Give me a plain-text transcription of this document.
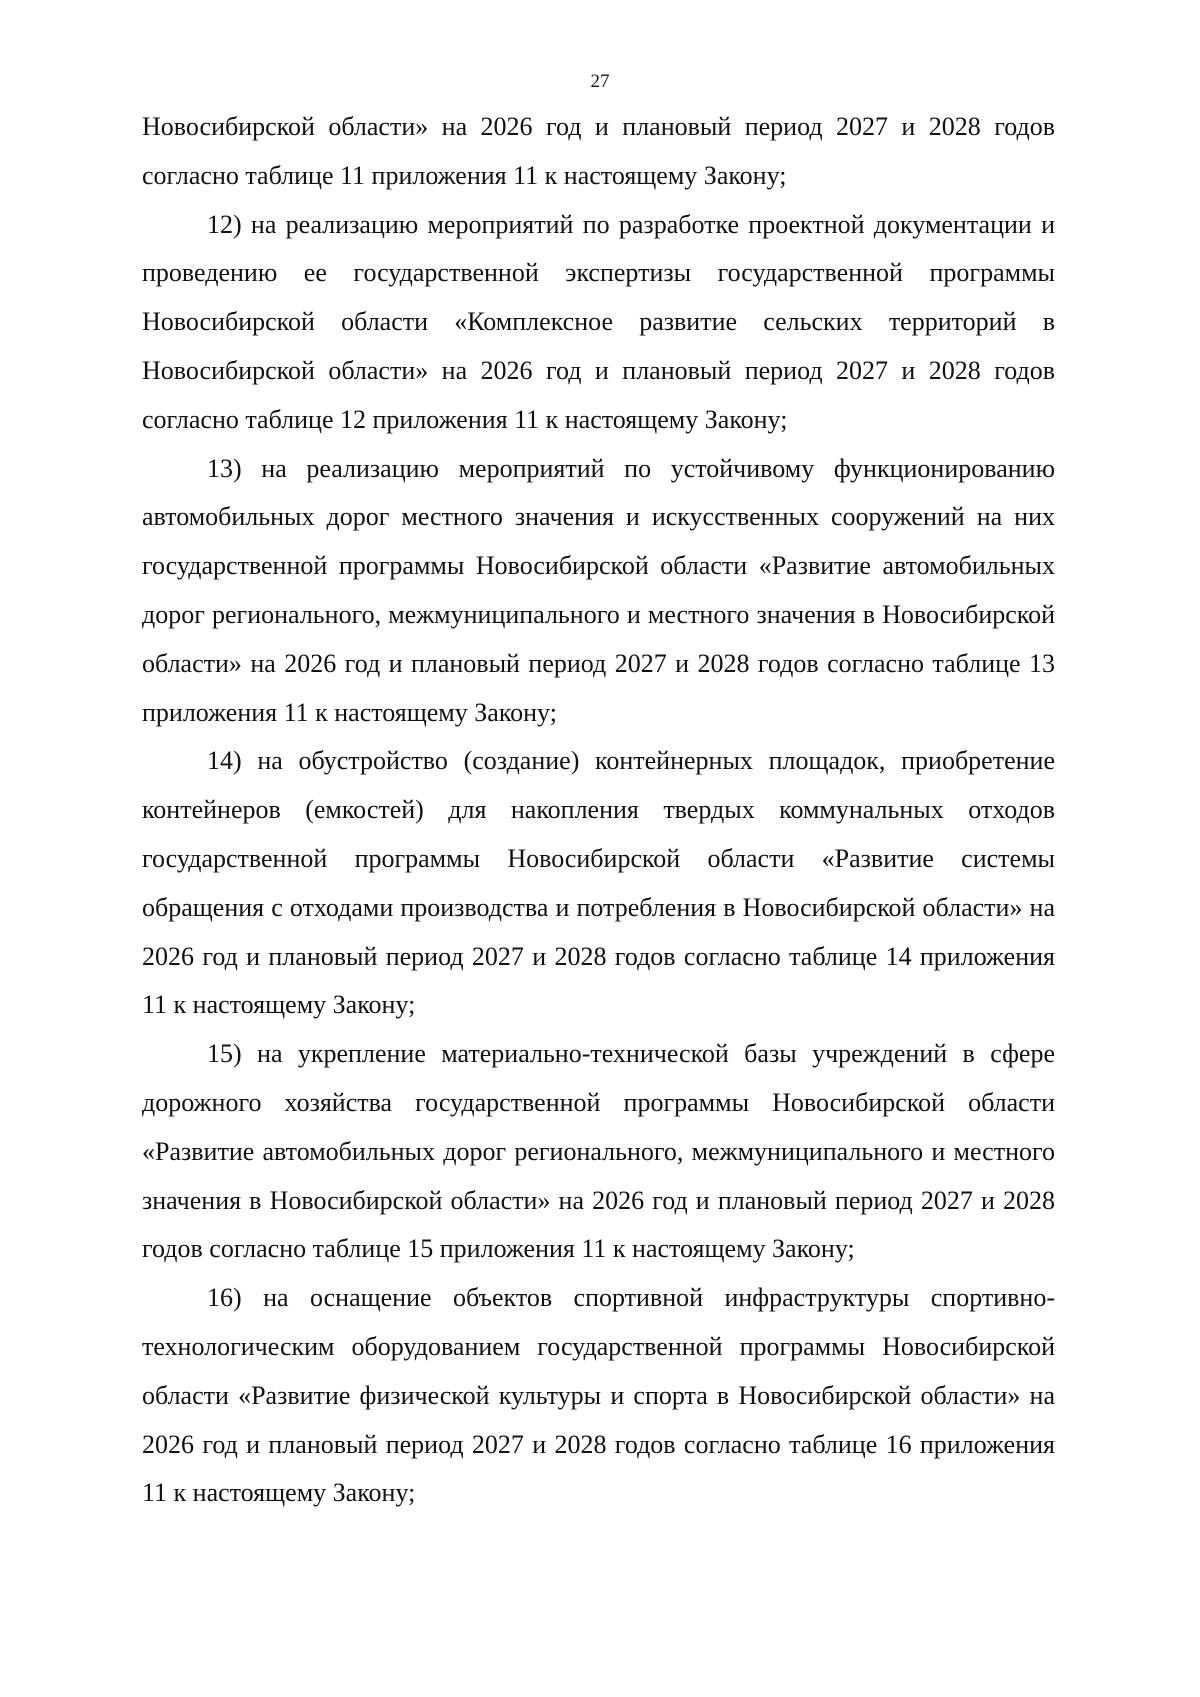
27

Новосибирской области» на 2026 год и плановый период 2027 и 2028 годов согласно таблице 11 приложения 11 к настоящему Закону;

12) на реализацию мероприятий по разработке проектной документации и проведению ее государственной экспертизы государственной программы Новосибирской области «Комплексное развитие сельских территорий в Новосибирской области» на 2026 год и плановый период 2027 и 2028 годов согласно таблице 12 приложения 11 к настоящему Закону;

13) на реализацию мероприятий по устойчивому функционированию автомобильных дорог местного значения и искусственных сооружений на них государственной программы Новосибирской области «Развитие автомобильных дорог регионального, межмуниципального и местного значения в Новосибирской области» на 2026 год и плановый период 2027 и 2028 годов согласно таблице 13 приложения 11 к настоящему Закону;

14) на обустройство (создание) контейнерных площадок, приобретение контейнеров (емкостей) для накопления твердых коммунальных отходов государственной программы Новосибирской области «Развитие системы обращения с отходами производства и потребления в Новосибирской области» на 2026 год и плановый период 2027 и 2028 годов согласно таблице 14 приложения 11 к настоящему Закону;

15) на укрепление материально-технической базы учреждений в сфере дорожного хозяйства государственной программы Новосибирской области «Развитие автомобильных дорог регионального, межмуниципального и местного значения в Новосибирской области» на 2026 год и плановый период 2027 и 2028 годов согласно таблице 15 приложения 11 к настоящему Закону;

16) на оснащение объектов спортивной инфраструктуры спортивно-технологическим оборудованием государственной программы Новосибирской области «Развитие физической культуры и спорта в Новосибирской области» на 2026 год и плановый период 2027 и 2028 годов согласно таблице 16 приложения 11 к настоящему Закону;
